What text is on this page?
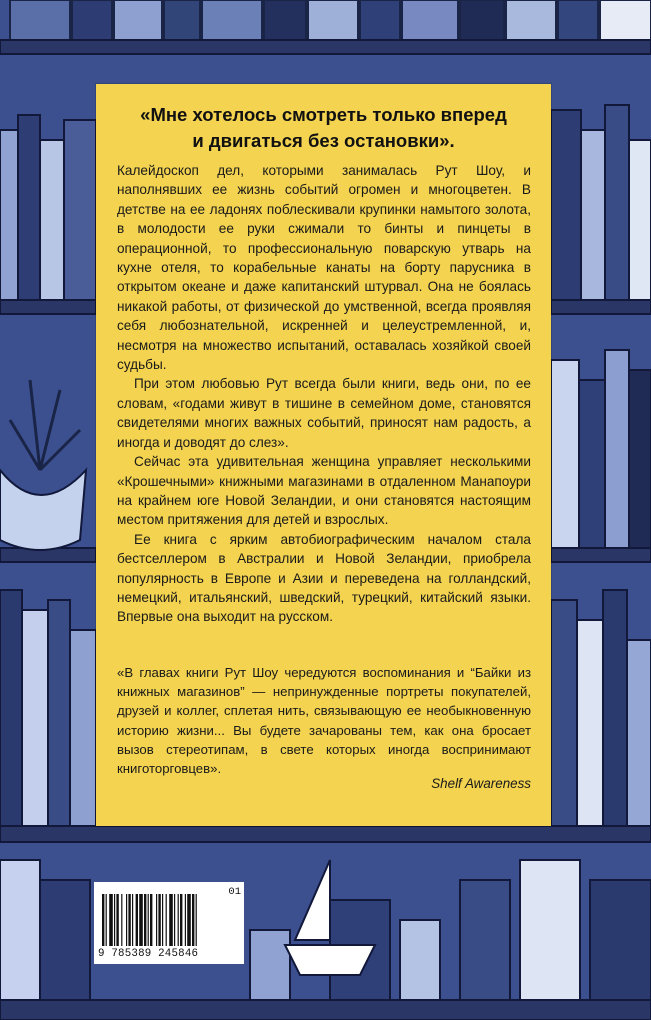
«Мне хотелось смотреть только вперед
и двигаться без остановки».

Калейдоскоп дел, которыми занималась Рут Шоу, и наполнявших ее жизнь событий огромен и многоцветен. В детстве на ее ладонях поблескивали крупинки намытого золота, в молодости ее руки сжимали то бинты и пинцеты в операционной, то профессиональную поварскую утварь на кухне отеля, то корабельные канаты на борту парусника в открытом океане и даже капитанский штурвал. Она не боялась никакой работы, от физической до умственной, всегда проявляя себя любознательной, искренней и целеустремленной, и, несмотря на множество испытаний, оставалась хозяйкой своей судьбы.

При этом любовью Рут всегда были книги, ведь они, по ее словам, «годами живут в тишине в семейном доме, становятся свидетелями многих важных событий, приносят нам радость, а иногда и доводят до слез».

Сейчас эта удивительная женщина управляет несколькими «Крошечными» книжными магазинами в отдаленном Манапоури на крайнем юге Новой Зеландии, и они становятся настоящим местом притяжения для детей и взрослых.

Ее книга с ярким автобиографическим началом стала бестселлером в Австралии и Новой Зеландии, приобрела популярность в Европе и Азии и переведена на голландский, немецкий, итальянский, шведский, турецкий, китайский языки. Впервые она выходит на русском.

«В главах книги Рут Шоу чередуются воспоминания и “Байки из книжных магазинов” — непринужденные портреты покупателей, друзей и коллег, сплетая нить, связывающую ее необыкновенную историю жизни... Вы будете зачарованы тем, как она бросает вызов стереотипам, в свете которых иногда воспринимают книготорговцев».

Shelf Awareness

01
9 785389 245846
